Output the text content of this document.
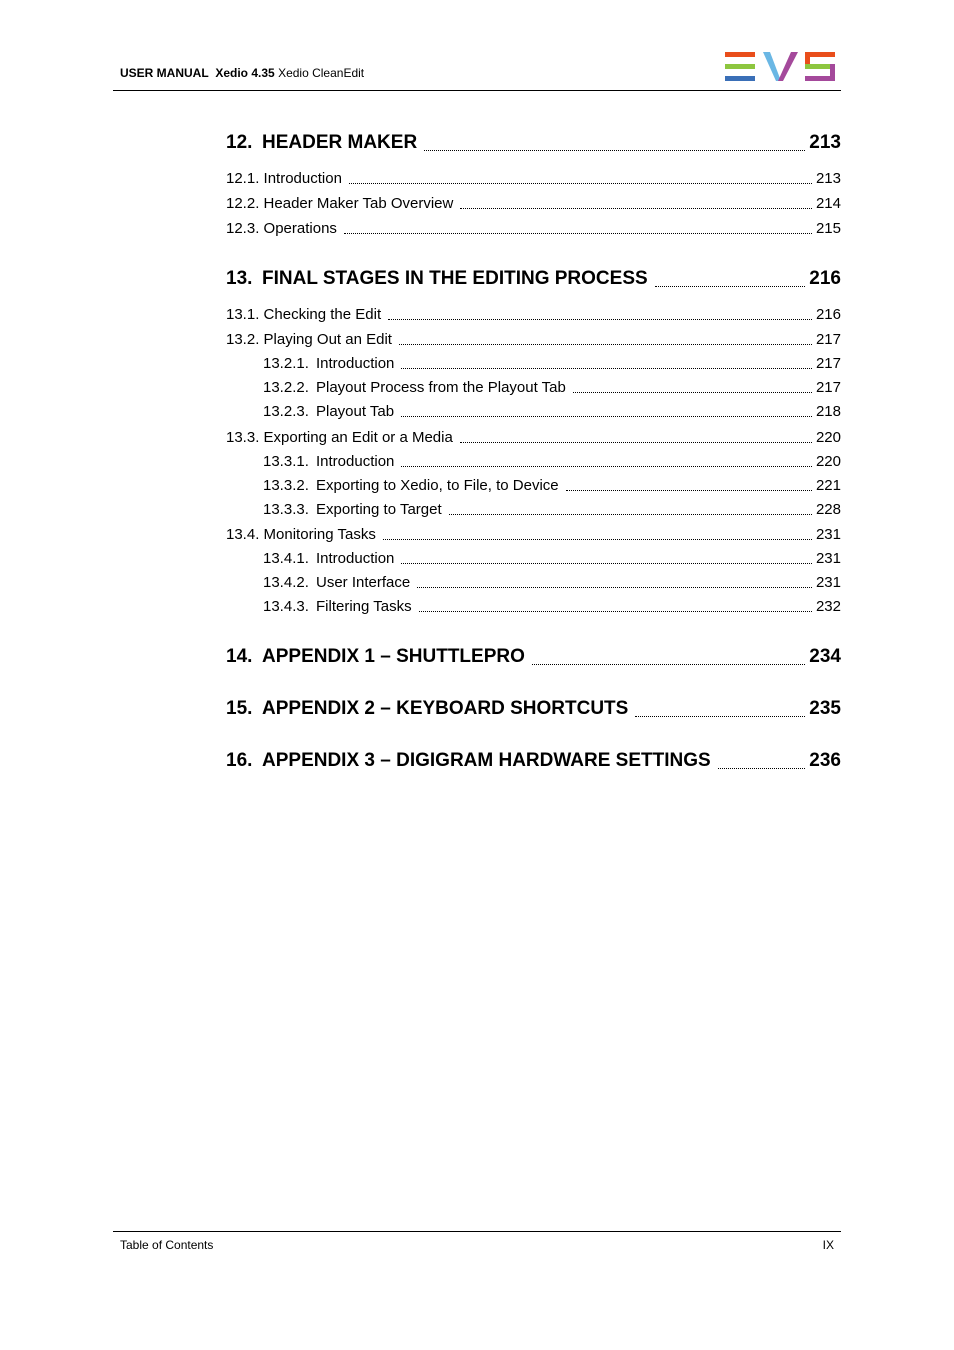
USER MANUAL Xedio 4.35 Xedio CleanEdit
12. HEADER MAKER	213
12.1. Introduction	213
12.2. Header Maker Tab Overview	214
12.3. Operations	215
13. FINAL STAGES IN THE EDITING PROCESS	216
13.1. Checking the Edit	216
13.2. Playing Out an Edit	217
13.2.1. Introduction	217
13.2.2. Playout Process from the Playout Tab	217
13.2.3. Playout Tab	218
13.3. Exporting an Edit or a Media	220
13.3.1. Introduction	220
13.3.2. Exporting to Xedio, to File, to Device	221
13.3.3. Exporting to Target	228
13.4. Monitoring Tasks	231
13.4.1. Introduction	231
13.4.2. User Interface	231
13.4.3. Filtering Tasks	232
14. APPENDIX 1 – SHUTTLEPRO	234
15. APPENDIX 2 – KEYBOARD SHORTCUTS	235
16. APPENDIX 3 – DIGIGRAM HARDWARE SETTINGS	236
Table of Contents	IX
